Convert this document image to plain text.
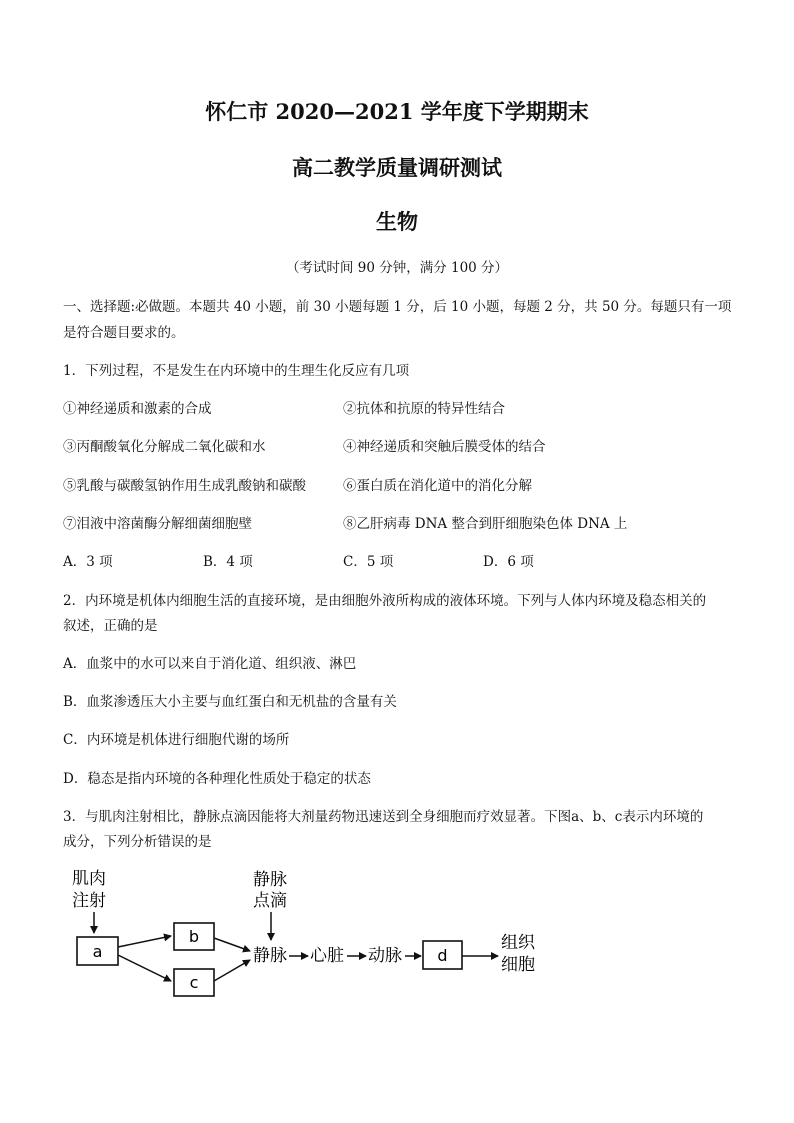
怀仁市 2020—2021 学年度下学期期末
高二教学质量调研测试
生物
（考试时间 90 分钟，满分 100 分）
一、选择题:必做题。本题共 40 小题，前 30 小题每题 1 分，后 10 小题，每题 2 分，共 50 分。每题只有一项
是符合题目要求的。
1．下列过程，不是发生在内环境中的生理生化反应有几项
①神经递质和激素的合成	②抗体和抗原的特异性结合
③丙酮酸氧化分解成二氧化碳和水	④神经递质和突触后膜受体的结合
⑤乳酸与碳酸氢钠作用生成乳酸钠和碳酸	⑥蛋白质在消化道中的消化分解
⑦泪液中溶菌酶分解细菌细胞壁	⑧乙肝病毒 DNA 整合到肝细胞染色体 DNA 上
A．3 项	B．4 项	C．5 项	D．6 项
2．内环境是机体内细胞生活的直接环境，是由细胞外液所构成的液体环境。下列与人体内环境及稳态相关的
叙述，正确的是
A．血浆中的水可以来自于消化道、组织液、淋巴
B．血浆渗透压大小主要与血红蛋白和无机盐的含量有关
C．内环境是机体进行细胞代谢的场所
D．稳态是指内环境的各种理化性质处于稳定的状态
3．与肌肉注射相比，静脉点滴因能将大剂量药物迅速送到全身细胞而疗效显著。下图a、b、c表示内环境的
成分，下列分析错误的是
肌肉
注射
a
b
c
静脉
点滴
静脉 心脏 动脉 d
组织
细胞
